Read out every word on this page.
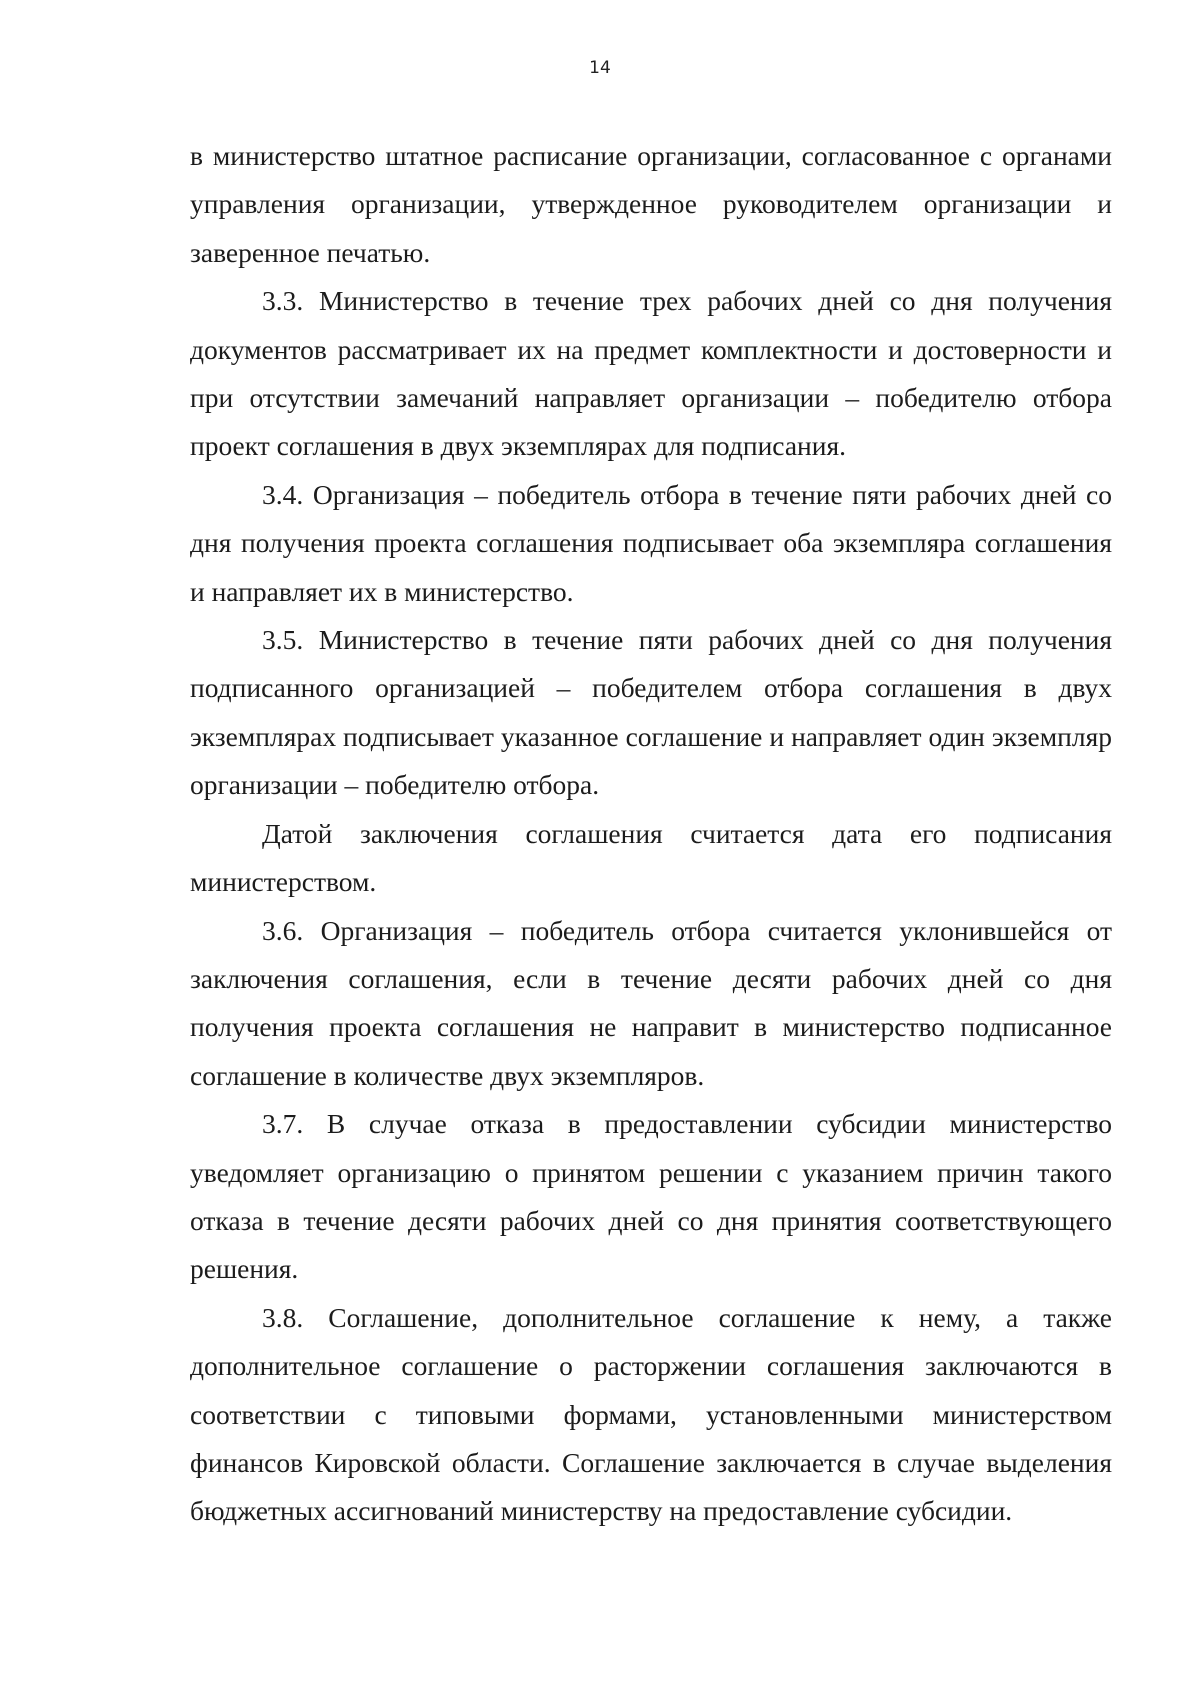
14

в министерство штатное расписание организации, согласованное с органами управления организации, утвержденное руководителем организации и заверенное печатью.

3.3. Министерство в течение трех рабочих дней со дня получения документов рассматривает их на предмет комплектности и достоверности и при отсутствии замечаний направляет организации – победителю отбора проект соглашения в двух экземплярах для подписания.

3.4. Организация – победитель отбора в течение пяти рабочих дней со дня получения проекта соглашения подписывает оба экземпляра соглашения и направляет их в министерство.

3.5. Министерство в течение пяти рабочих дней со дня получения подписанного организацией – победителем отбора соглашения в двух экземплярах подписывает указанное соглашение и направляет один экземпляр организации – победителю отбора.

Датой заключения соглашения считается дата его подписания министерством.

3.6. Организация – победитель отбора считается уклонившейся от заключения соглашения, если в течение десяти рабочих дней со дня получения проекта соглашения не направит в министерство подписанное соглашение в количестве двух экземпляров.

3.7. В случае отказа в предоставлении субсидии министерство уведомляет организацию о принятом решении с указанием причин такого отказа в течение десяти рабочих дней со дня принятия соответствующего решения.

3.8. Соглашение, дополнительное соглашение к нему, а также дополнительное соглашение о расторжении соглашения заключаются в соответствии с типовыми формами, установленными министерством финансов Кировской области. Соглашение заключается в случае выделения бюджетных ассигнований министерству на предоставление субсидии.
